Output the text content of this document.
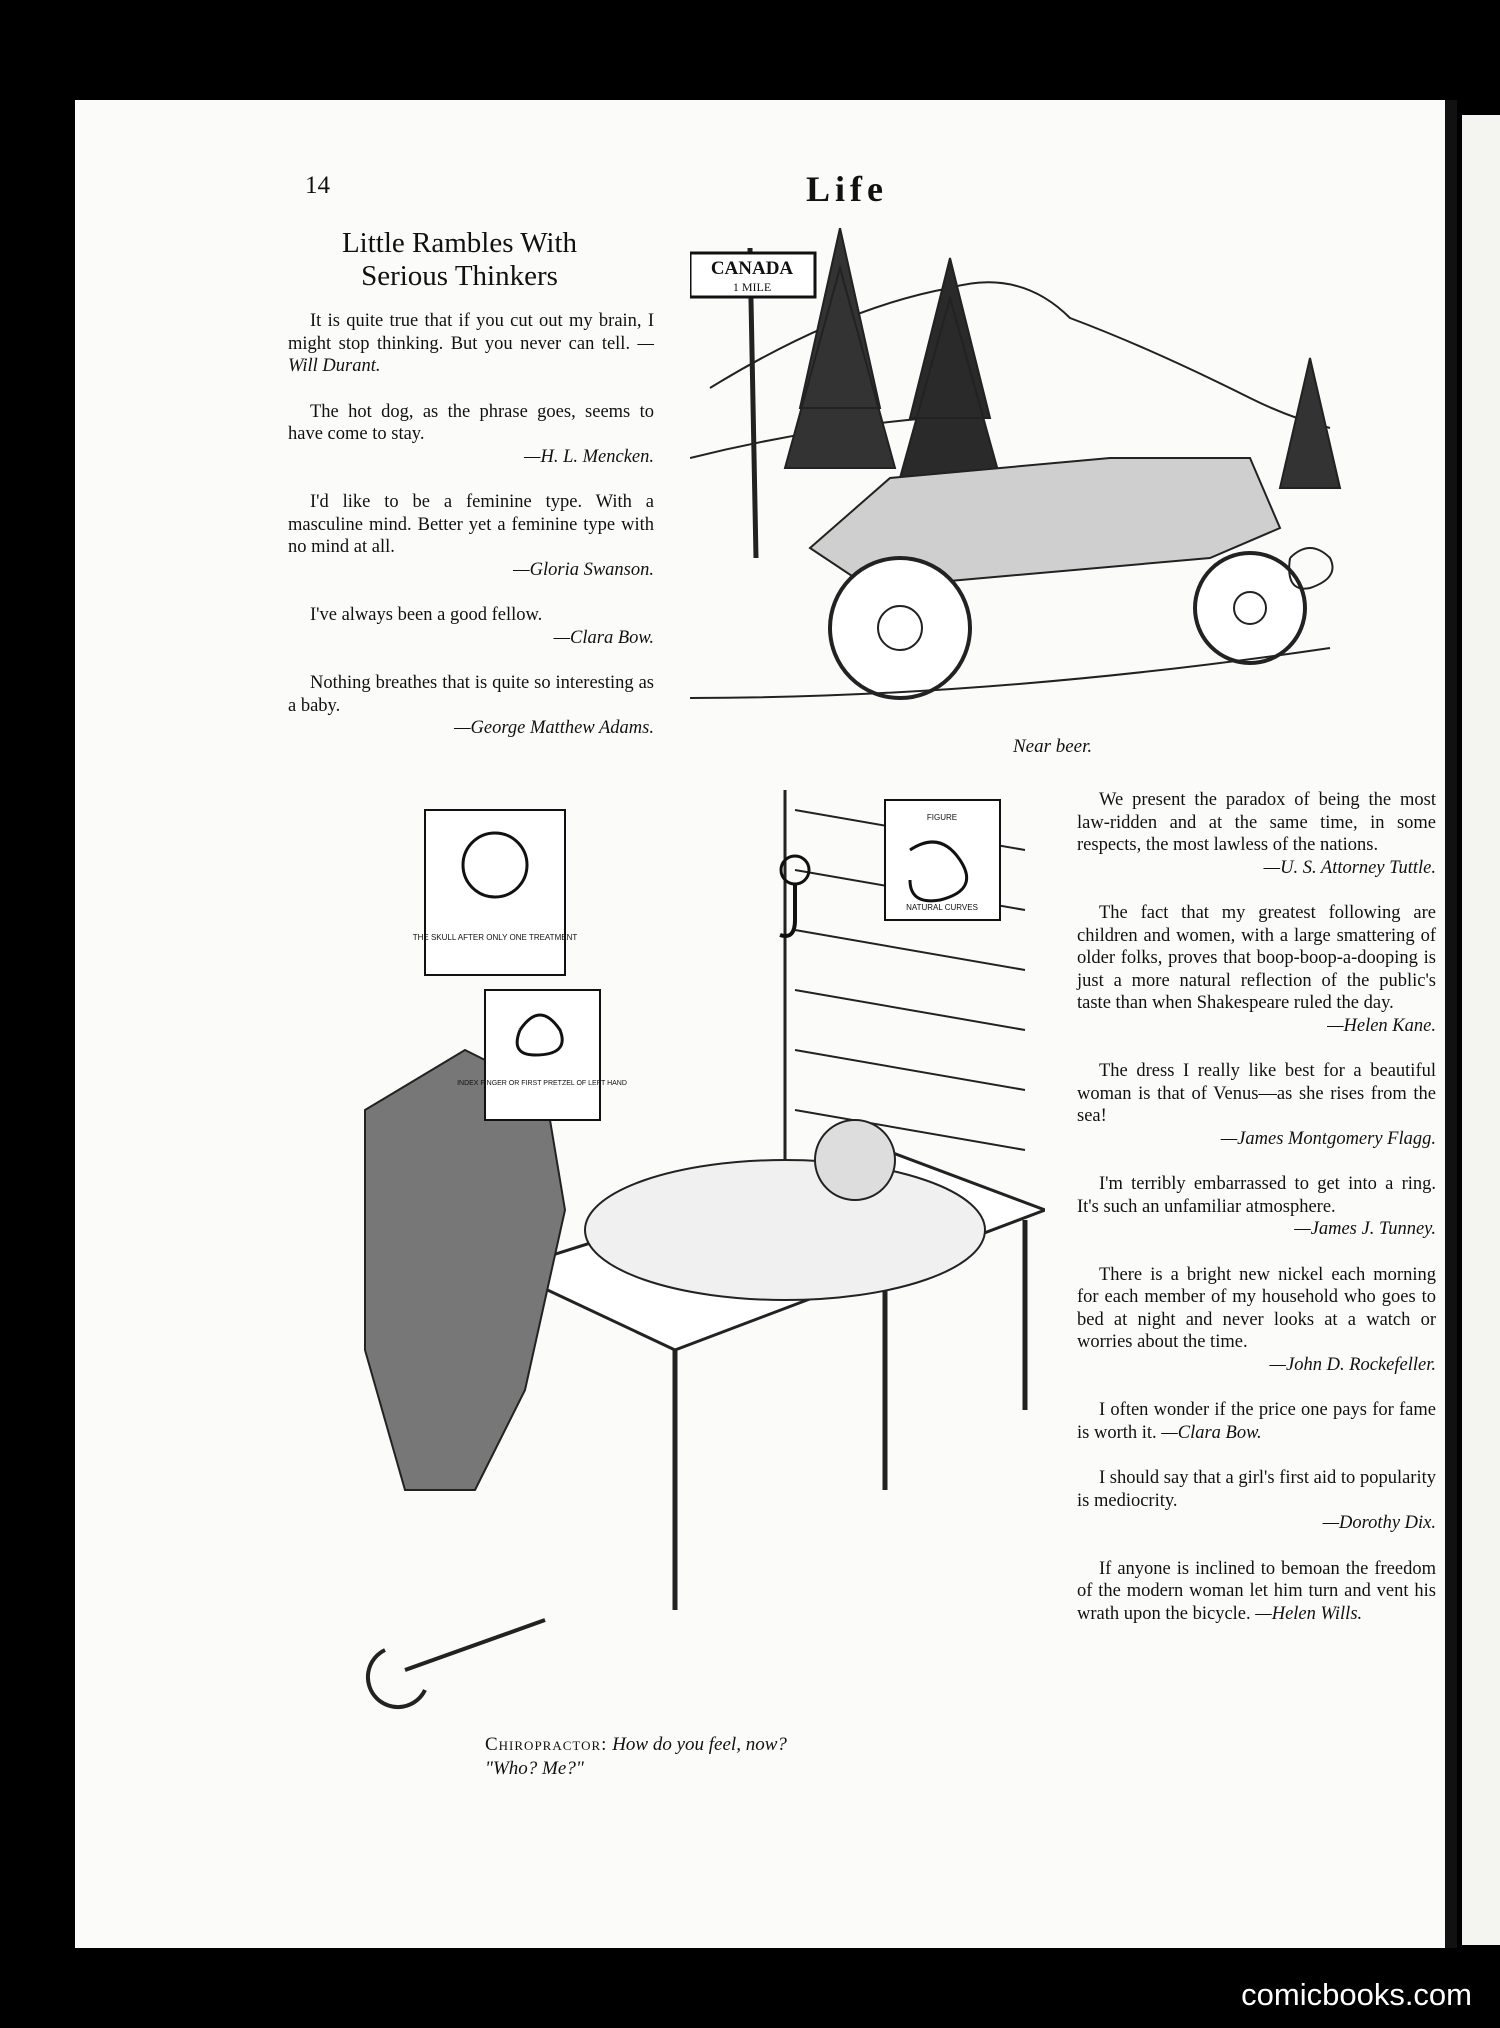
14	Life
Little Rambles With
Serious Thinkers

It is quite true that if you cut out my brain, I might stop thinking. But you never can tell. —Will Durant.

The hot dog, as the phrase goes, seems to have come to stay.
—H. L. Mencken.

I'd like to be a feminine type. With a masculine mind. Better yet a feminine type with no mind at all.
—Gloria Swanson.

I've always been a good fellow.
—Clara Bow.

Nothing breathes that is quite so interesting as a baby.
—George Matthew Adams.

CANADA
1 MILE
Near beer.
THE SKULL AFTER ONLY ONE TREATMENT
INDEX FINGER OR FIRST PRETZEL OF LEFT HAND
FIGURE
NATURAL CURVES
Chiropractor: How do you feel, now?
"Who? Me?"

We present the paradox of being the most law-ridden and at the same time, in some respects, the most lawless of the nations.
—U. S. Attorney Tuttle.

The fact that my greatest following are children and women, with a large smattering of older folks, proves that boop-boop-a-dooping is just a more natural reflection of the public's taste than when Shakespeare ruled the day.
—Helen Kane.

The dress I really like best for a beautiful woman is that of Venus—as she rises from the sea!
—James Montgomery Flagg.

I'm terribly embarrassed to get into a ring. It's such an unfamiliar atmosphere.
—James J. Tunney.

There is a bright new nickel each morning for each member of my household who goes to bed at night and never looks at a watch or worries about the time.
—John D. Rockefeller.

I often wonder if the price one pays for fame is worth it. —Clara Bow.

I should say that a girl's first aid to popularity is mediocrity.
—Dorothy Dix.

If anyone is inclined to bemoan the freedom of the modern woman let him turn and vent his wrath upon the bicycle. —Helen Wills.

comicbooks.com
